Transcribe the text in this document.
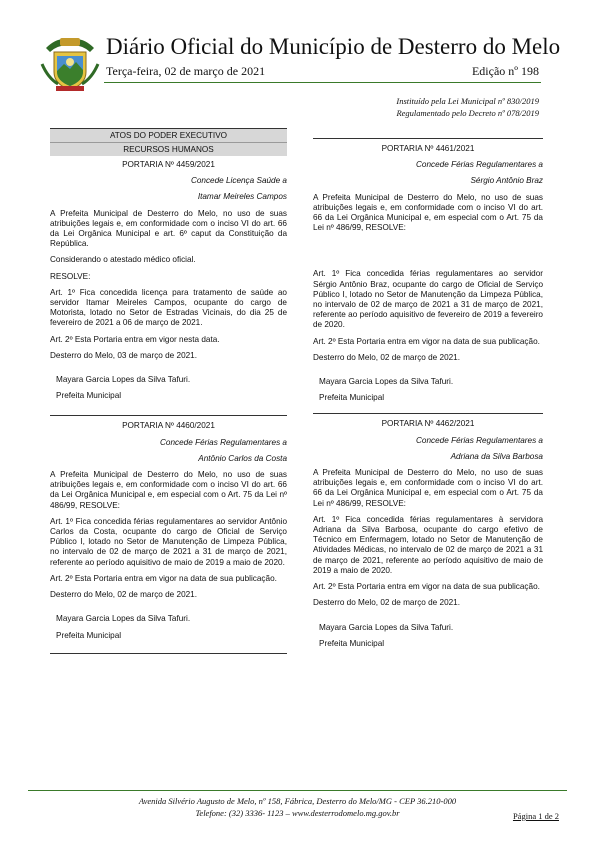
Diário Oficial do Município de Desterro do Melo
Terça-feira, 02 de março de 2021	Edição nº 198
Instituído pela Lei Municipal nº 830/2019
Regulamentado pelo Decreto nº 078/2019
ATOS DO PODER EXECUTIVO
RECURSOS HUMANOS
PORTARIA Nº 4459/2021
Concede Licença Saúde a
Itamar Meireles Campos

A Prefeita Municipal de Desterro do Melo, no uso de suas atribuições legais e, em conformidade com o inciso VI do art. 66 da Lei Orgânica Municipal e art. 6º caput da Constituição da República.

Considerando o atestado médico oficial.

RESOLVE:

Art. 1º Fica concedida licença para tratamento de saúde ao servidor Itamar Meireles Campos, ocupante do cargo de Motorista, lotado no Setor de Estradas Vicinais, do dia 25 de fevereiro de 2021 a 06 de março de 2021.

Art. 2º Esta Portaria entra em vigor nesta data.

Desterro do Melo, 03 de março de 2021.

Mayara Garcia Lopes da Silva Tafuri.

Prefeita Municipal

PORTARIA Nº 4460/2021
Concede Férias Regulamentares a
Antônio Carlos da Costa

A Prefeita Municipal de Desterro do Melo, no uso de suas atribuições legais e, em conformidade com o inciso VI do art. 66 da Lei Orgânica Municipal e, em especial com o Art. 75 da Lei nº 486/99, RESOLVE:

Art. 1º Fica concedida férias regulamentares ao servidor Antônio Carlos da Costa, ocupante do cargo de Oficial de Serviço Público I, lotado no Setor de Manutenção de Limpeza Pública, no intervalo de 02 de março de 2021 a 31 de março de 2021, referente ao período aquisitivo de maio de 2019 a maio de 2020.

Art. 2º Esta Portaria entra em vigor na data de sua publicação.

Desterro do Melo, 02 de março de 2021.

Mayara Garcia Lopes da Silva Tafuri.

Prefeita Municipal

PORTARIA Nº 4461/2021
Concede Férias Regulamentares a
Sérgio Antônio Braz

A Prefeita Municipal de Desterro do Melo, no uso de suas atribuições legais e, em conformidade com o inciso VI do art. 66 da Lei Orgânica Municipal e, em especial com o Art. 75 da Lei nº 486/99, RESOLVE:

Art. 1º Fica concedida férias regulamentares ao servidor Sérgio Antônio Braz, ocupante do cargo de Oficial de Serviço Público I, lotado no Setor de Manutenção da Limpeza Pública, no intervalo de 02 de março de 2021 a 31 de março de 2021, referente ao período aquisitivo de fevereiro de 2019 a fevereiro de 2020.

Art. 2º Esta Portaria entra em vigor na data de sua publicação.

Desterro do Melo, 02 de março de 2021.

Mayara Garcia Lopes da Silva Tafuri.

Prefeita Municipal

PORTARIA Nº 4462/2021
Concede Férias Regulamentares a
Adriana da Silva Barbosa

A Prefeita Municipal de Desterro do Melo, no uso de suas atribuições legais e, em conformidade com o inciso VI do art. 66 da Lei Orgânica Municipal e, em especial com o Art. 75 da Lei nº 486/99, RESOLVE:

Art. 1º Fica concedida férias regulamentares à servidora Adriana da Silva Barbosa, ocupante do cargo efetivo de Técnico em Enfermagem, lotado no Setor de Manutenção de Atividades Médicas, no intervalo de 02 de março de 2021 a 31 de março de 2021, referente ao período aquisitivo de maio de 2019 a maio de 2020.

Art. 2º Esta Portaria entra em vigor na data de sua publicação.

Desterro do Melo, 02 de março de 2021.

Mayara Garcia Lopes da Silva Tafuri.

Prefeita Municipal

Avenida Silvério Augusto de Melo, nº 158, Fábrica, Desterro do Melo/MG - CEP 36.210-000
Telefone: (32) 3336- 1123 – www.desterrodomelo.mg.gov.br	Página 1 de 2
